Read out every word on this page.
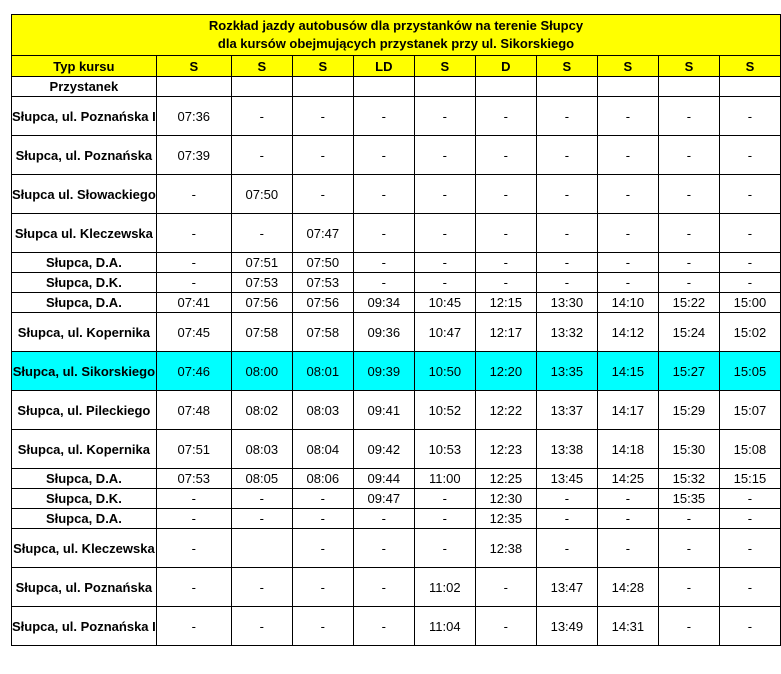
Rozkład jazdy autobusów dla przystanków na terenie Słupcy
dla kursów obejmujących przystanek przy ul. Sikorskiego										

Typ kursu	S	S	S	LD	S	D	S	S	S	S
Przystanek										
Słupca, ul. Poznańska I	07:36	-	-	-	-	-	-	-	-	-
Słupca, ul. Poznańska	07:39	-	-	-	-	-	-	-	-	-
Słupca ul. Słowackiego	-	07:50	-	-	-	-	-	-	-	-
Słupca ul. Kleczewska	-	-	07:47	-	-	-	-	-	-	-
Słupca, D.A.	-	07:51	07:50	-	-	-	-	-	-	-
Słupca, D.K.	-	07:53	07:53	-	-	-	-	-	-	-
Słupca, D.A.	07:41	07:56	07:56	09:34	10:45	12:15	13:30	14:10	15:22	15:00
Słupca, ul. Kopernika	07:45	07:58	07:58	09:36	10:47	12:17	13:32	14:12	15:24	15:02
Słupca, ul. Sikorskiego	07:46	08:00	08:01	09:39	10:50	12:20	13:35	14:15	15:27	15:05
Słupca, ul. Pileckiego	07:48	08:02	08:03	09:41	10:52	12:22	13:37	14:17	15:29	15:07
Słupca, ul. Kopernika	07:51	08:03	08:04	09:42	10:53	12:23	13:38	14:18	15:30	15:08
Słupca, D.A.	07:53	08:05	08:06	09:44	11:00	12:25	13:45	14:25	15:32	15:15
Słupca, D.K.	-	-	-	09:47	-	12:30	-	-	15:35	-
Słupca, D.A.	-	-	-	-	-	12:35	-	-	-	-
Słupca, ul. Kleczewska	-		-	-	-	12:38	-	-	-	-
Słupca, ul. Poznańska	-	-	-	-	11:02	-	13:47	14:28	-	-
Słupca, ul. Poznańska I	-	-	-	-	11:04	-	13:49	14:31	-	-
